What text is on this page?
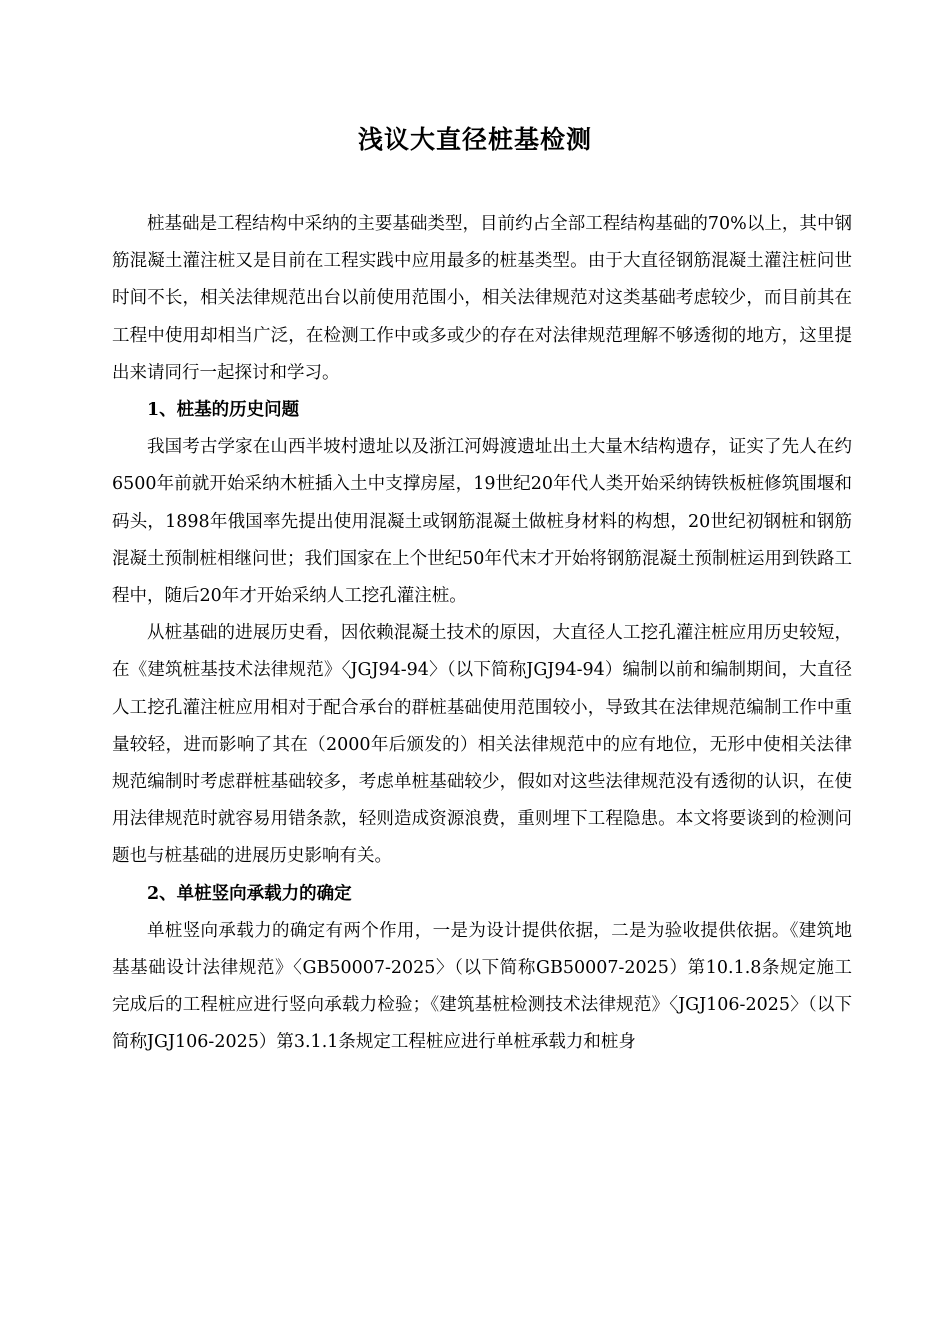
浅议大直径桩基检测

桩基础是工程结构中采纳的主要基础类型，目前约占全部工程结构基础的70%以上，其中钢筋混凝土灌注桩又是目前在工程实践中应用最多的桩基类型。由于大直径钢筋混凝土灌注桩问世时间不长，相关法律规范出台以前使用范围小，相关法律规范对这类基础考虑较少，而目前其在工程中使用却相当广泛，在检测工作中或多或少的存在对法律规范理解不够透彻的地方，这里提出来请同行一起探讨和学习。

1、桩基的历史问题

我国考古学家在山西半坡村遗址以及浙江河姆渡遗址出土大量木结构遗存，证实了先人在约6500年前就开始采纳木桩插入土中支撑房屋，19世纪20年代人类开始采纳铸铁板桩修筑围堰和码头，1898年俄国率先提出使用混凝土或钢筋混凝土做桩身材料的构想，20世纪初钢桩和钢筋混凝土预制桩相继问世；我们国家在上个世纪50年代末才开始将钢筋混凝土预制桩运用到铁路工程中，随后20年才开始采纳人工挖孔灌注桩。

从桩基础的进展历史看，因依赖混凝土技术的原因，大直径人工挖孔灌注桩应用历史较短，在《建筑桩基技术法律规范》〈JGJ94-94〉（以下简称JGJ94-94）编制以前和编制期间，大直径人工挖孔灌注桩应用相对于配合承台的群桩基础使用范围较小，导致其在法律规范编制工作中重量较轻，进而影响了其在（2000年后颁发的）相关法律规范中的应有地位，无形中使相关法律规范编制时考虑群桩基础较多，考虑单桩基础较少，假如对这些法律规范没有透彻的认识，在使用法律规范时就容易用错条款，轻则造成资源浪费，重则埋下工程隐患。本文将要谈到的检测问题也与桩基础的进展历史影响有关。

2、单桩竖向承载力的确定

单桩竖向承载力的确定有两个作用，一是为设计提供依据，二是为验收提供依据。《建筑地基基础设计法律规范》〈GB50007-2025〉（以下简称GB50007-2025）第10.1.8条规定施工完成后的工程桩应进行竖向承载力检验；《建筑基桩检测技术法律规范》〈JGJ106-2025〉（以下简称JGJ106-2025）第3.1.1条规定工程桩应进行单桩承载力和桩身
